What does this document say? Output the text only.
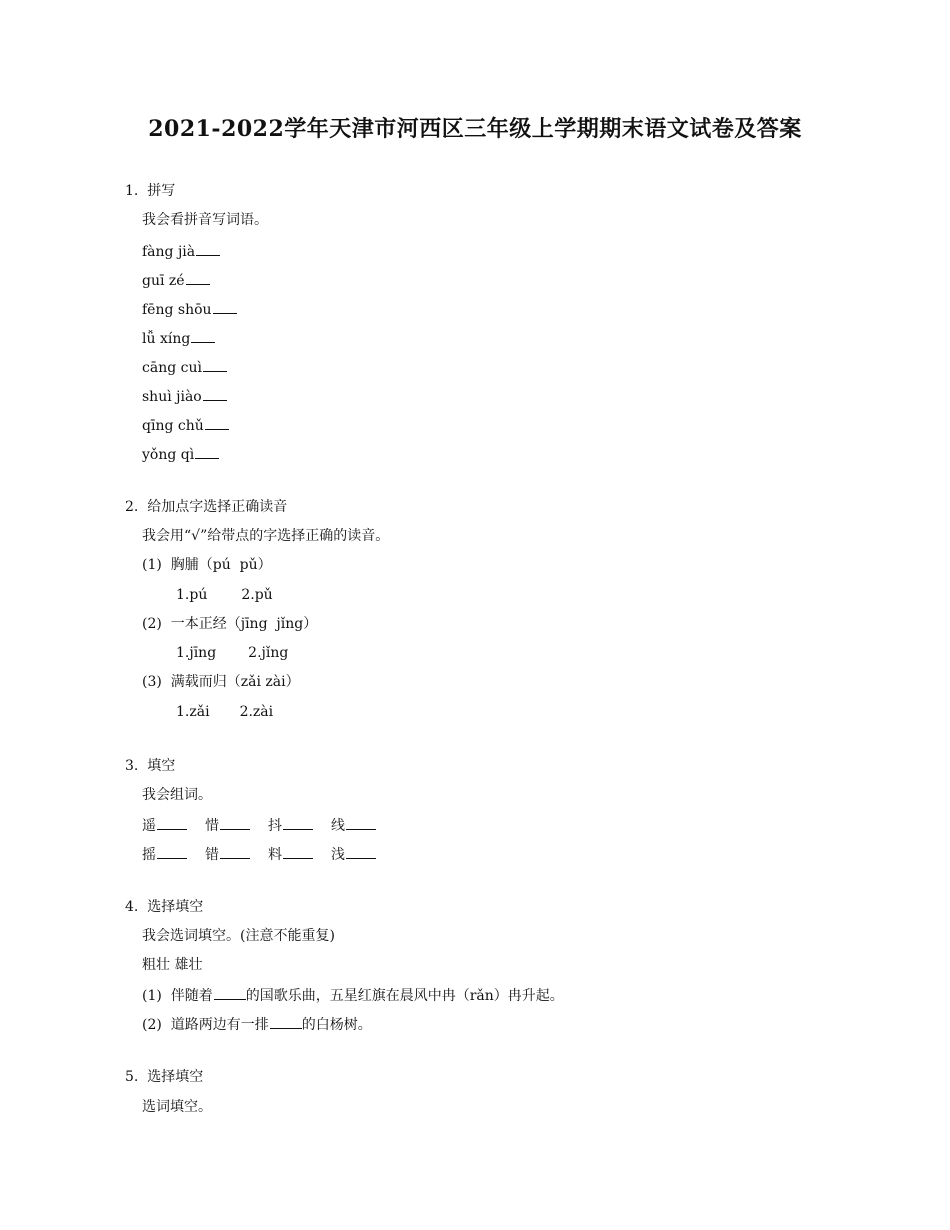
2021-2022学年天津市河西区三年级上学期期末语文试卷及答案
1.  拼写
我会看拼音写词语。
fàng jià
guī zé
fēng shōu
lǚ xíng
cāng cuì
shuì jiào
qīng chǔ
yǒng qì
2.  给加点字选择正确读音
我会用“√”给带点的字选择正确的读音。
(1)  胸脯（pú  pǔ）
1.pú 2.pǔ
(2)  一本正经（jīng  jǐng）
1.jīng 2.jǐng
(3)  满载而归（zǎi zài）
1.zǎi 2.zài
3.  填空
我会组词。
遥	惜	抖	线
摇	错	料	浅
4.  选择填空
我会选词填空。(注意不能重复)
粗壮 雄壮
(1)  伴随着 的国歌乐曲，五星红旗在晨风中冉（rǎn）冉升起。
(2)  道路两边有一排 的白杨树。
5.  选择填空
选词填空。
